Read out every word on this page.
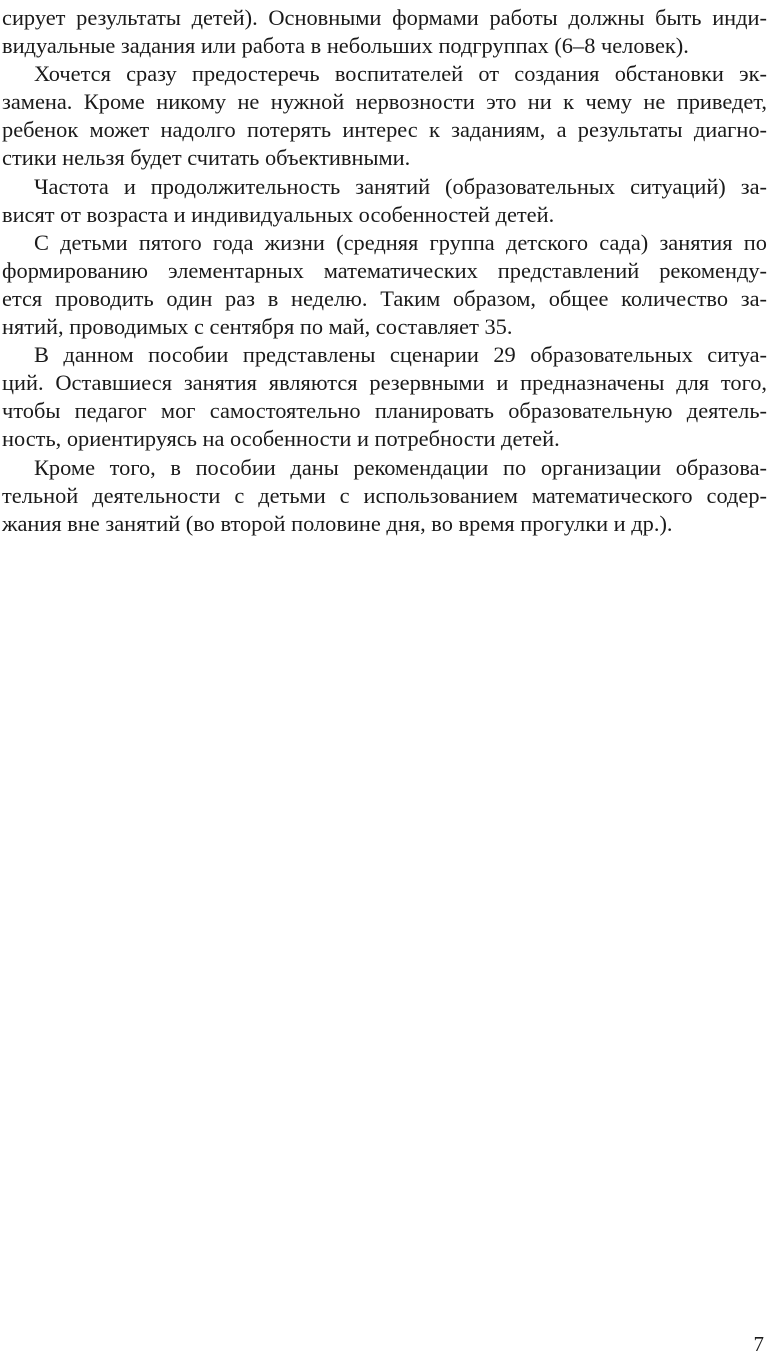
сирует результаты детей). Основными формами работы должны быть инди-
видуальные задания или работа в небольших подгруппах (6–8 человек).
Хочется сразу предостеречь воспитателей от создания обстановки эк-
замена. Кроме никому не нужной нервозности это ни к чему не приведет,
ребенок может надолго потерять интерес к заданиям, а результаты диагно-
стики нельзя будет считать объективными.
Частота и продолжительность занятий (образовательных ситуаций) за-
висят от возраста и индивидуальных особенностей детей.
С детьми пятого года жизни (средняя группа детского сада) занятия по
формированию элементарных математических представлений рекоменду-
ется проводить один раз в неделю. Таким образом, общее количество за-
нятий, проводимых с сентября по май, составляет 35.
В данном пособии представлены сценарии 29 образовательных ситуа-
ций. Оставшиеся занятия являются резервными и предназначены для того,
чтобы педагог мог самостоятельно планировать образовательную деятель-
ность, ориентируясь на особенности и потребности детей.
Кроме того, в пособии даны рекомендации по организации образова-
тельной деятельности с детьми с использованием математического содер-
жания вне занятий (во второй половине дня, во время прогулки и др.).
7
